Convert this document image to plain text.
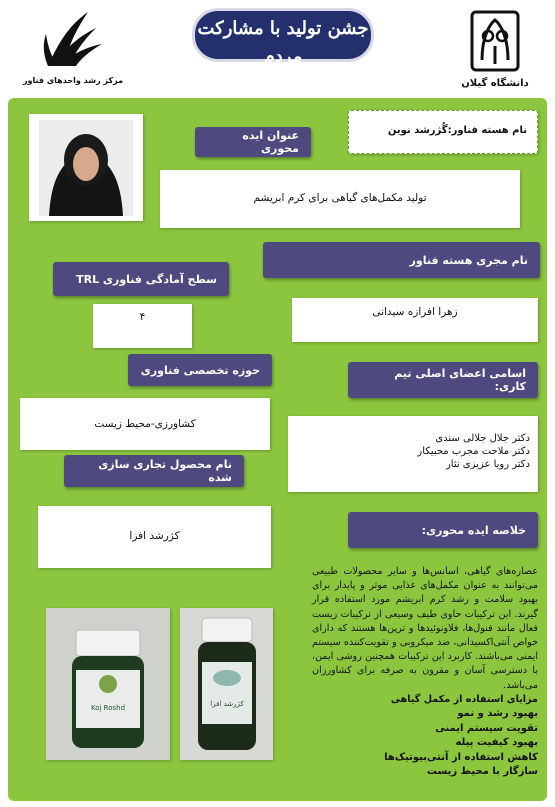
مرکز رشد واحدهای فناور
جشن تولید با مشارکت مردم
سال ۱۴۰۲
دانشگاه گیلان
نام هسته فناور:گُژرشد نوین
تولید مکمل‌های گیاهی برای کرم ابریشم
عنوان ایده محوری
نام مجری هسته فناور
زهرا افرازه سیدانی
سطح آمادگی فناوری TRL
۴
حوزه تخصصی فناوری
کشاورزی-محیط زیست
اسامی اعضای اصلی تیم کاری:
دکتر جلال جلالی سندی
دکتر ملاحت مجرب محبیکار
دکتر رویا عزیزی نثار
نام محصول تجاری سازی شده
کژرشد افزا	خلاصه ایده محوری:
عصاره‌های گیاهی، اسانس‌ها و سایر محصولات طبیعی می‌توانند به عنوان مکمل‌های غذایی موثر و پایدار برای بهبود سلامت و رشد کرم ابریشم مورد استفاده قرار گیرند. این ترکیبات حاوی طیف وسیعی از ترکیبات زیست فعال مانند فنول‌ها، فلاونوئیدها و ترپن‌ها هستند که دارای خواص آنتی‌اکسیدانی، ضد میکروبی و تقویت‌کننده سیستم ایمنی می‌باشند. کاربرد این ترکیبات همچنین روشی ایمن، با دسترسی آسان و مقرون به صرفه برای کشاورزان می‌باشد.
مزایای استفاده از مکمل گیاهی
بهبود رشد و نمو
تقویت سیستم ایمنی
بهبود کیفیت پیله
کاهش استفاده از آنتی‌بیوتیک‌ها
سازگار با محیط زیست
Koj Roshd	کژرشد افزا
